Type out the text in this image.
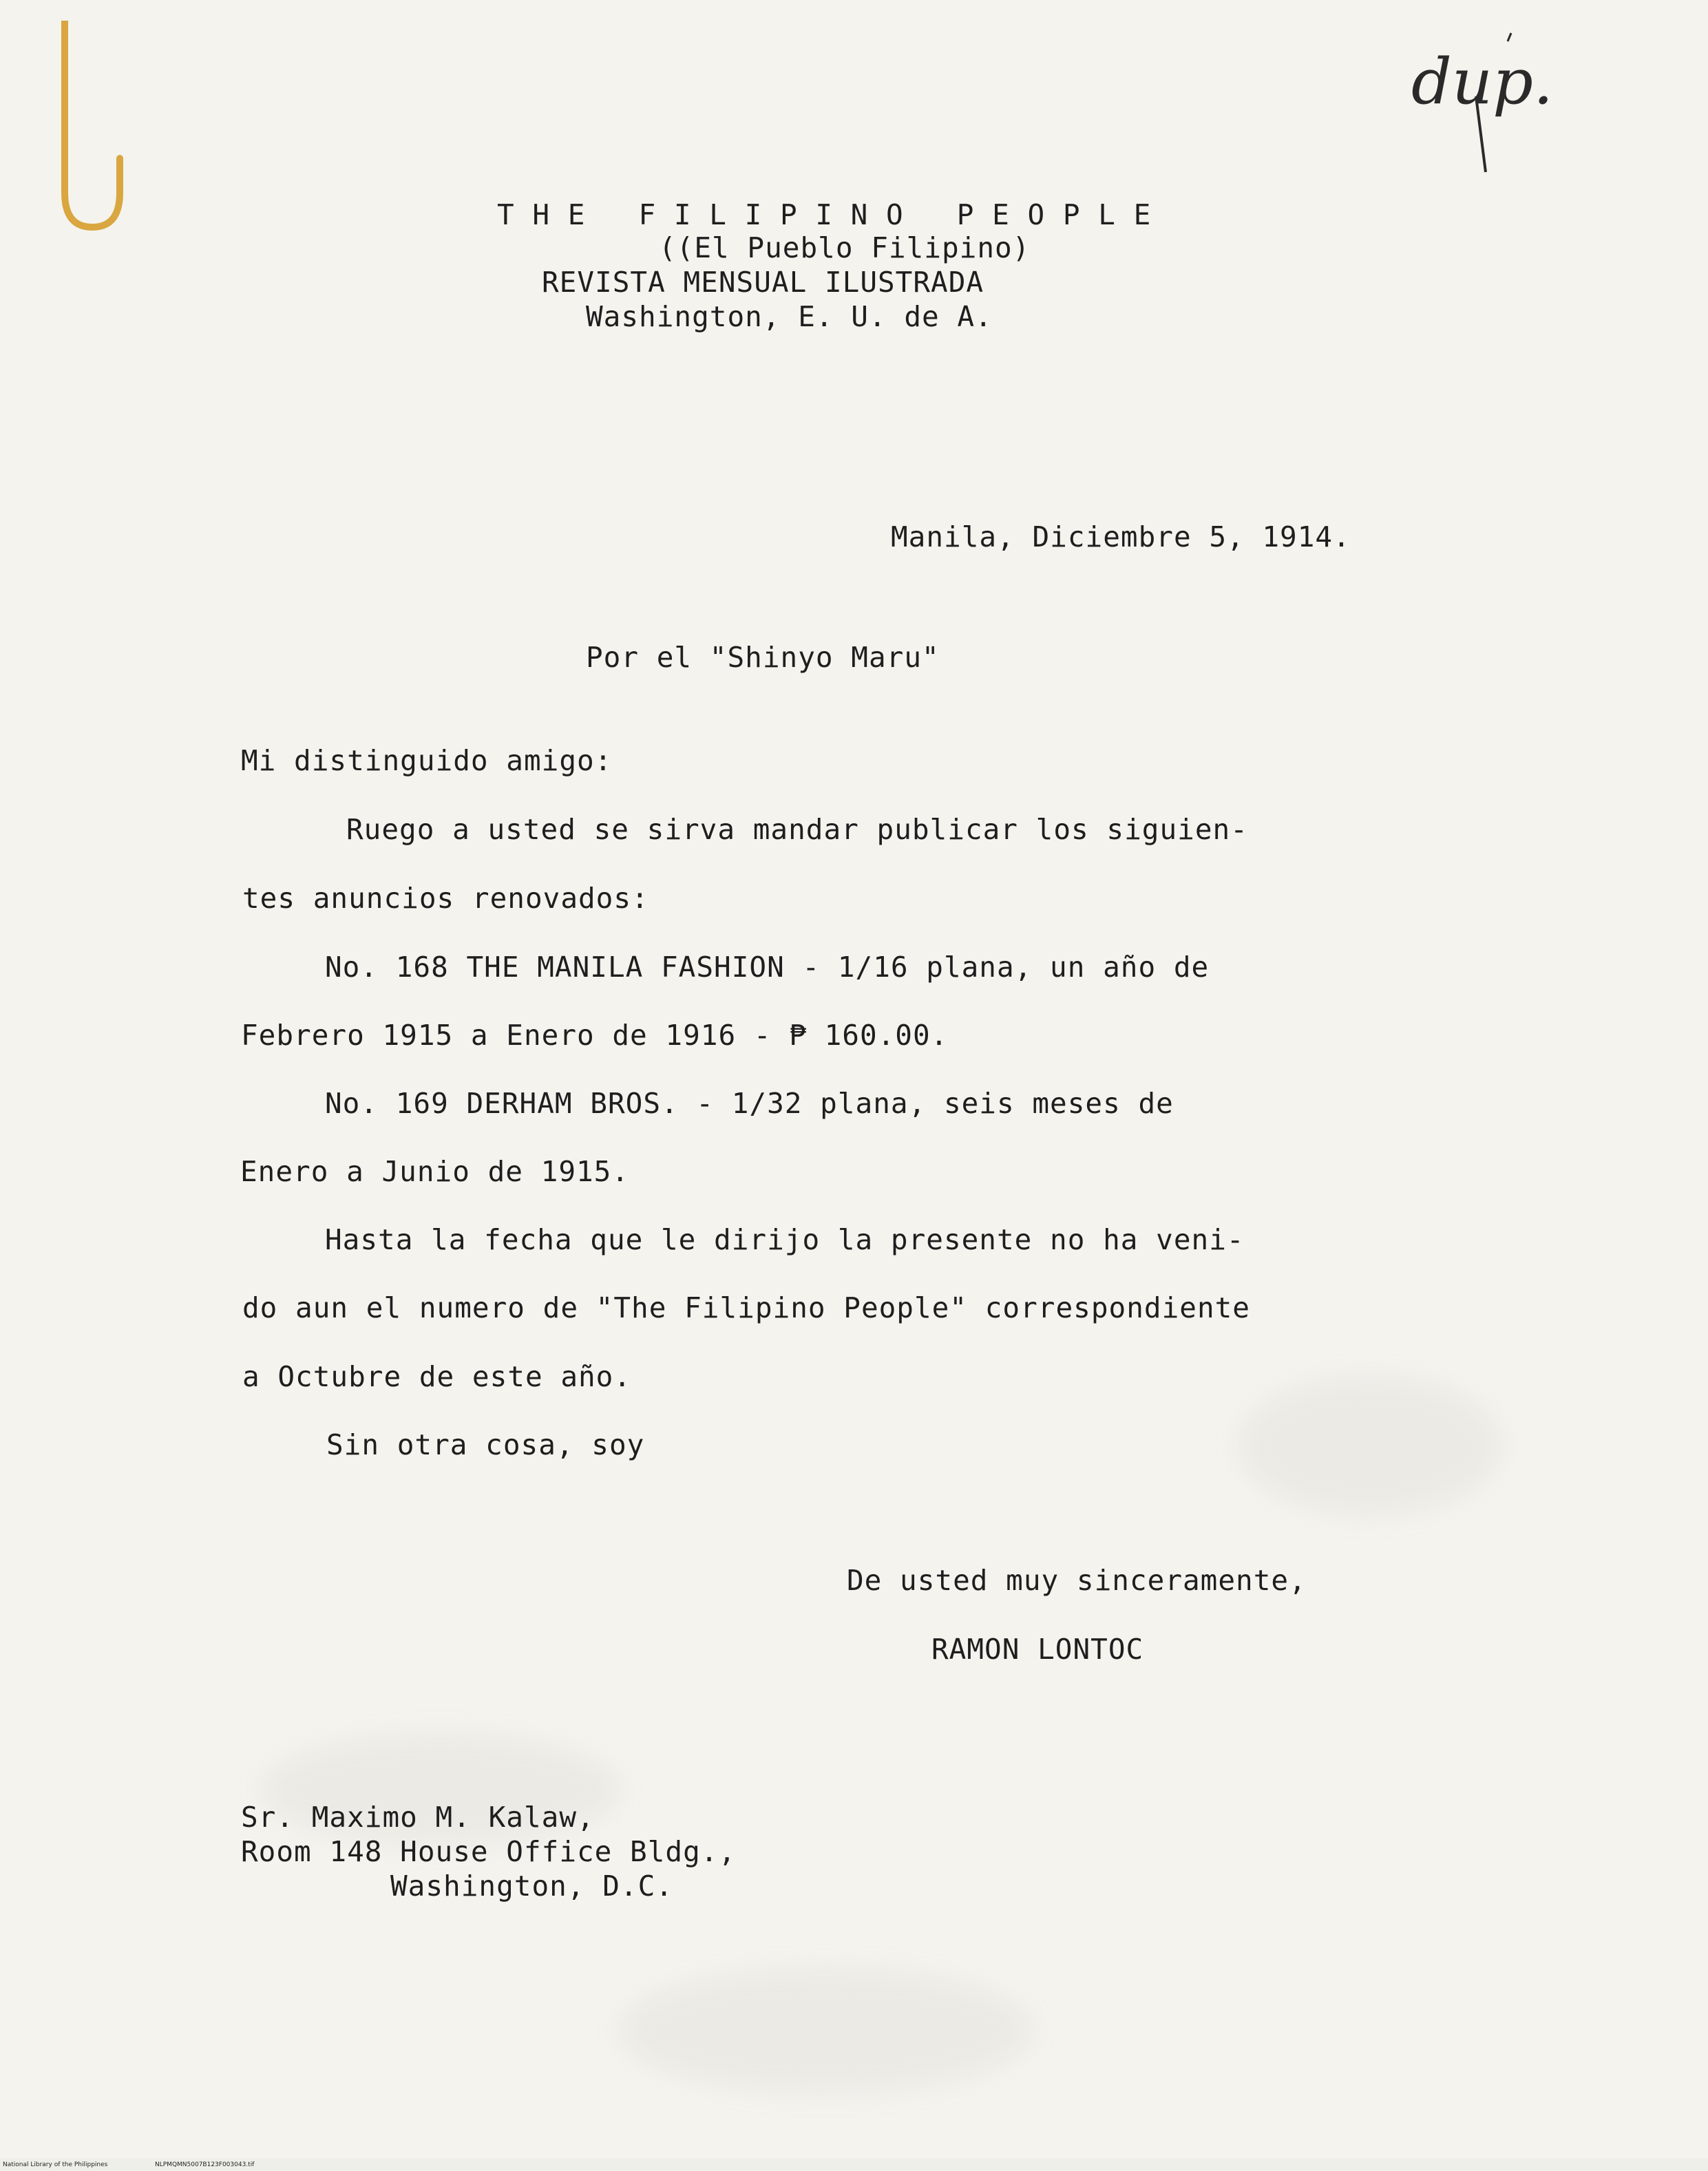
dup.
T H E   F I L I P I N O   P E O P L E
((El Pueblo Filipino)
REVISTA MENSUAL ILUSTRADA
Washington, E. U. de A.
Manila, Diciembre 5, 1914.
Por el "Shinyo Maru"
Mi distinguido amigo:
Ruego a usted se sirva mandar publicar los siguien-
tes anuncios renovados:
No. 168 THE MANILA FASHION - 1/16 plana, un año de
Febrero 1915 a Enero de 1916 - ₱ 160.00.
No. 169 DERHAM BROS. - 1/32 plana, seis meses de
Enero a Junio de 1915.
Hasta la fecha que le dirijo la presente no ha veni-
do aun el numero de "The Filipino People" correspondiente
a Octubre de este año.
Sin otra cosa, soy
De usted muy sinceramente,
RAMON LONTOC
Sr. Maximo M. Kalaw,
Room 148 House Office Bldg.,
Washington, D.C.
National Library of the Philippines	NLPMQMN5007B123F003043.tif
